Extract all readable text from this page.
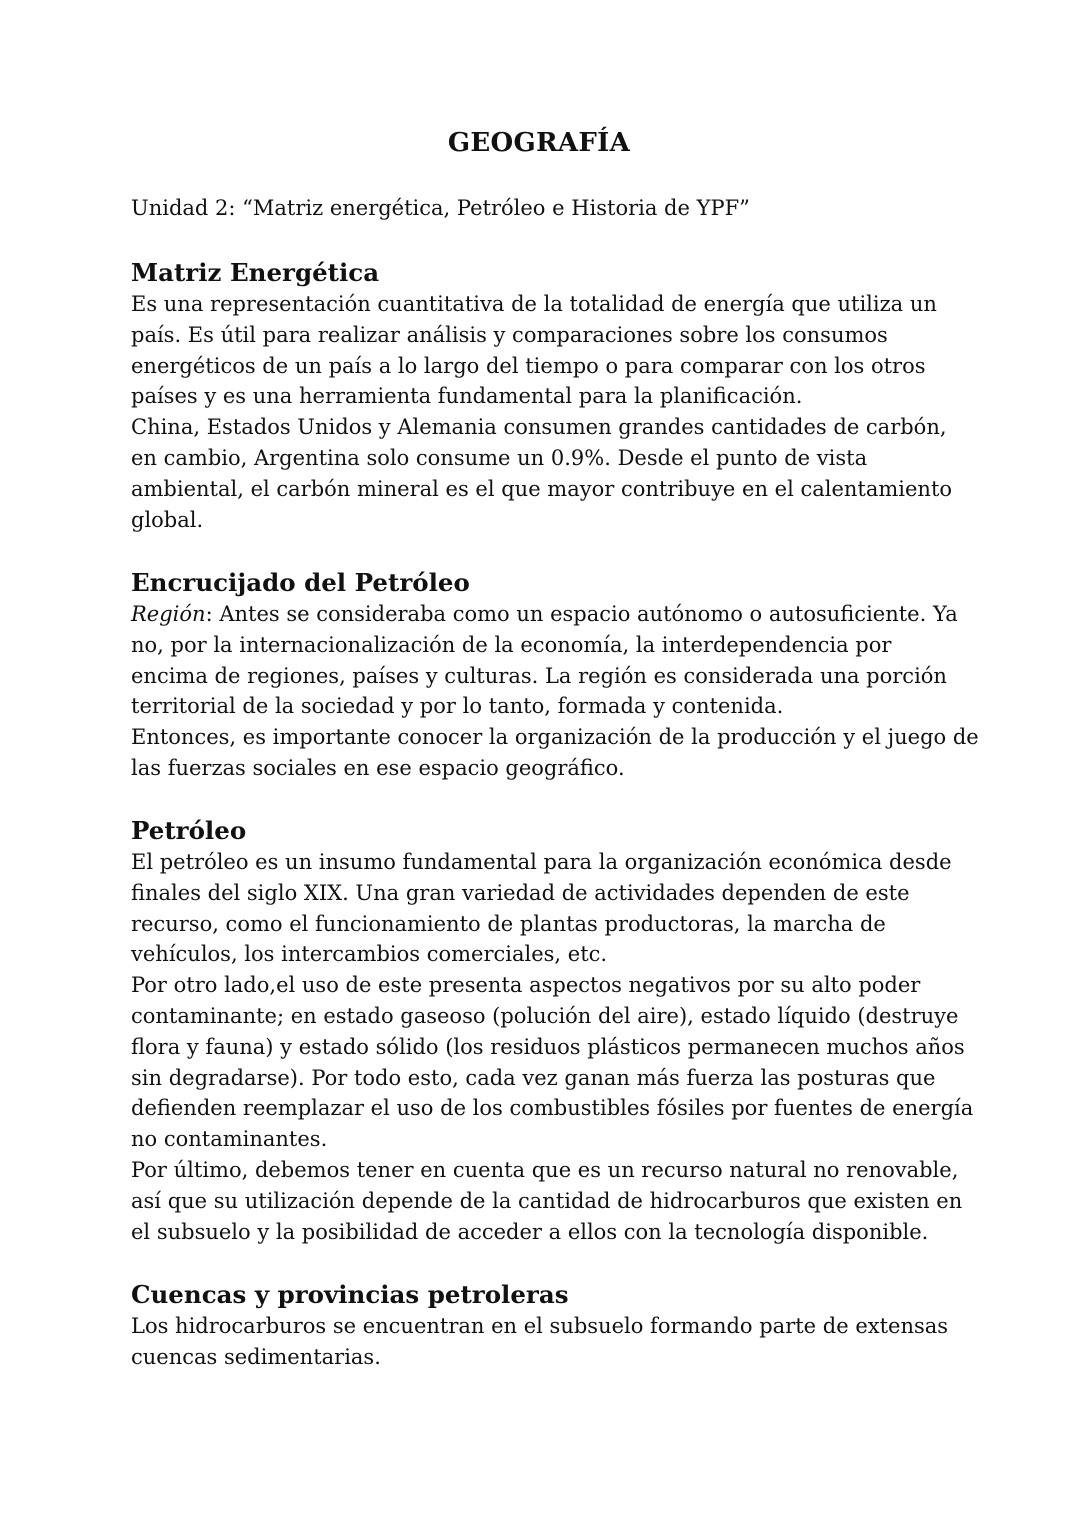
GEOGRAFÍA
Unidad 2: “Matriz energética, Petróleo e Historia de YPF”
Matriz Energética

Es una representación cuantitativa de la totalidad de energía que utiliza un
país. Es útil para realizar análisis y comparaciones sobre los consumos
energéticos de un país a lo largo del tiempo o para comparar con los otros
países y es una herramienta fundamental para la planificación.
China, Estados Unidos y Alemania consumen grandes cantidades de carbón,
en cambio, Argentina solo consume un 0.9%. Desde el punto de vista
ambiental, el carbón mineral es el que mayor contribuye en el calentamiento
global.

Encrucijado del Petróleo

Región: Antes se consideraba como un espacio autónomo o autosuficiente. Ya
no, por la internacionalización de la economía, la interdependencia por
encima de regiones, países y culturas. La región es considerada una porción
territorial de la sociedad y por lo tanto, formada y contenida.
Entonces, es importante conocer la organización de la producción y el juego de
las fuerzas sociales en ese espacio geográfico.

Petróleo

El petróleo es un insumo fundamental para la organización económica desde
finales del siglo XIX. Una gran variedad de actividades dependen de este
recurso, como el funcionamiento de plantas productoras, la marcha de
vehículos, los intercambios comerciales, etc.
Por otro lado,el uso de este presenta aspectos negativos por su alto poder
contaminante; en estado gaseoso (polución del aire), estado líquido (destruye
flora y fauna) y estado sólido (los residuos plásticos permanecen muchos años
sin degradarse). Por todo esto, cada vez ganan más fuerza las posturas que
defienden reemplazar el uso de los combustibles fósiles por fuentes de energía
no contaminantes.
Por último, debemos tener en cuenta que es un recurso natural no renovable,
así que su utilización depende de la cantidad de hidrocarburos que existen en
el subsuelo y la posibilidad de acceder a ellos con la tecnología disponible.

Cuencas y provincias petroleras

Los hidrocarburos se encuentran en el subsuelo formando parte de extensas
cuencas sedimentarias.
